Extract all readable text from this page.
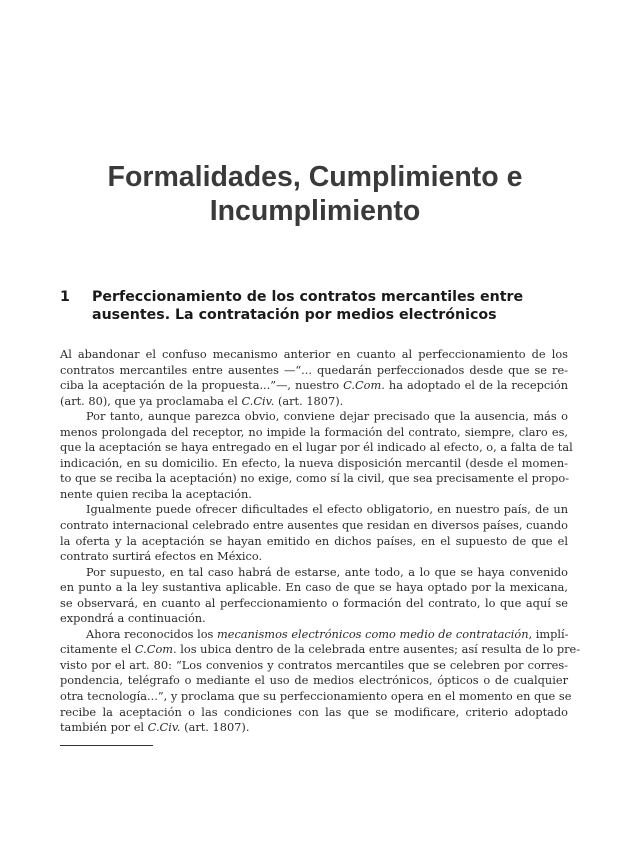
Formalidades, Cumplimiento e
Incumplimiento
1 Perfeccionamiento de los contratos mercantiles entre
ausentes. La contratación por medios electrónicos
Al abandonar el confuso mecanismo anterior en cuanto al perfeccionamiento de los
contratos mercantiles entre ausentes —“... quedarán perfeccionados desde que se re-
ciba la aceptación de la propuesta...”—, nuestro C.Com. ha adoptado el de la recepción
(art. 80), que ya proclamaba el C.Civ. (art. 1807).
Por tanto, aunque parezca obvio, conviene dejar precisado que la ausencia, más o
menos prolongada del receptor, no impide la formación del contrato, siempre, claro es,
que la aceptación se haya entregado en el lugar por él indicado al efecto, o, a falta de tal
indicación, en su domicilio. En efecto, la nueva disposición mercantil (desde el momen-
to que se reciba la aceptación) no exige, como sí la civil, que sea precisamente el propo-
nente quien reciba la aceptación.
Igualmente puede ofrecer dificultades el efecto obligatorio, en nuestro país, de un
contrato internacional celebrado entre ausentes que residan en diversos países, cuando
la oferta y la aceptación se hayan emitido en dichos países, en el supuesto de que el
contrato surtirá efectos en México.
Por supuesto, en tal caso habrá de estarse, ante todo, a lo que se haya convenido
en punto a la ley sustantiva aplicable. En caso de que se haya optado por la mexicana,
se observará, en cuanto al perfeccionamiento o formación del contrato, lo que aquí se
expondrá a continuación.
Ahora reconocidos los mecanismos electrónicos como medio de contratación, implí-
citamente el C.Com. los ubica dentro de la celebrada entre ausentes; así resulta de lo pre-
visto por el art. 80: “Los convenios y contratos mercantiles que se celebren por corres-
pondencia, telégrafo o mediante el uso de medios electrónicos, ópticos o de cualquier
otra tecnología...”, y proclama que su perfeccionamiento opera en el momento en que se
recibe la aceptación o las condiciones con las que se modificare, criterio adoptado
también por el C.Civ. (art. 1807).
